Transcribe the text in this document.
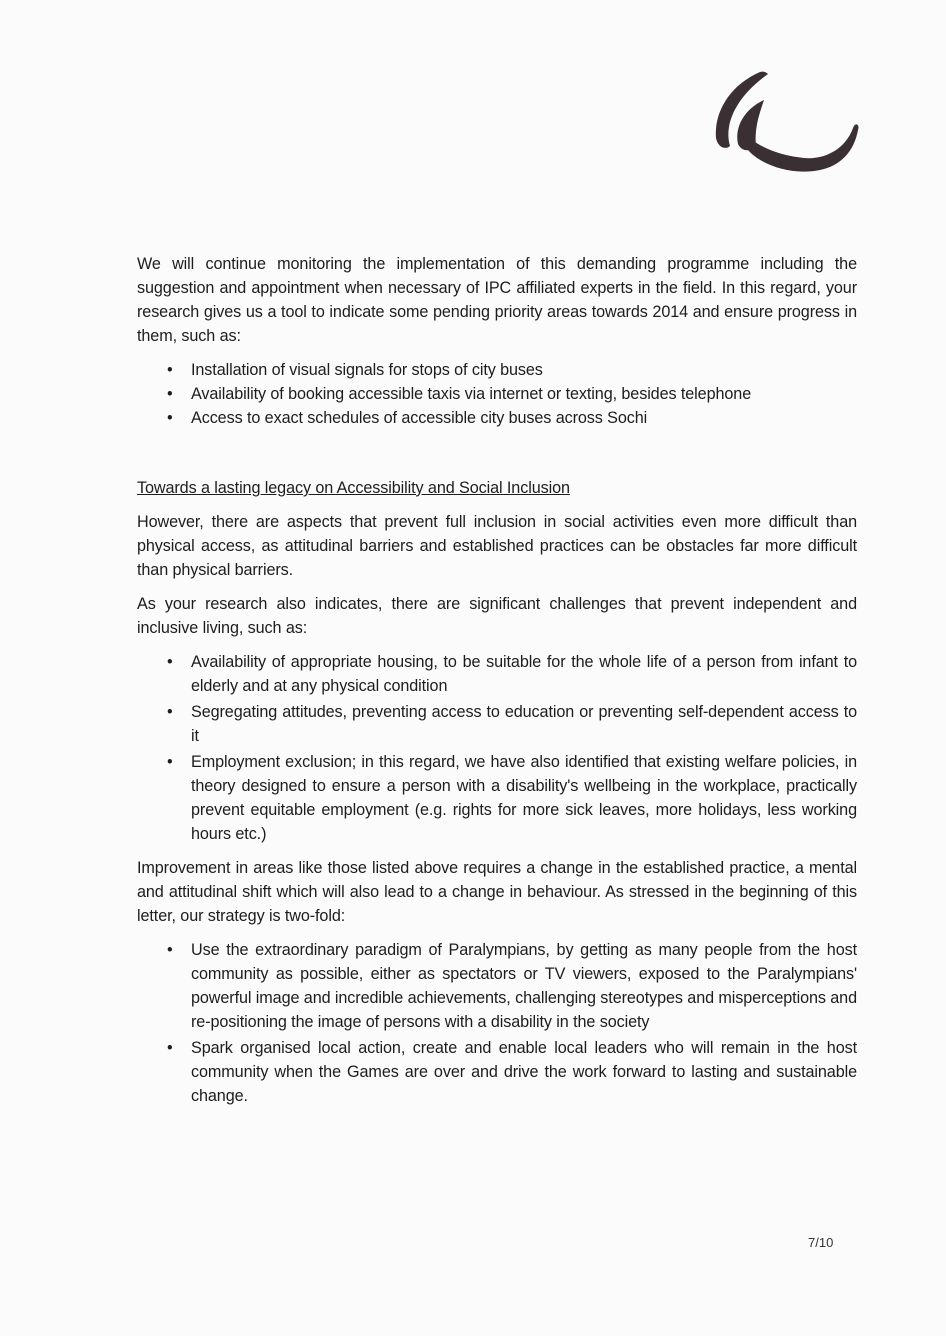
We will continue monitoring the implementation of this demanding programme including the suggestion and appointment when necessary of IPC affiliated experts in the field. In this regard, your research gives us a tool to indicate some pending priority areas towards 2014 and ensure progress in them, such as:

• Installation of visual signals for stops of city buses
• Availability of booking accessible taxis via internet or texting, besides telephone
• Access to exact schedules of accessible city buses across Sochi

Towards a lasting legacy on Accessibility and Social Inclusion

However, there are aspects that prevent full inclusion in social activities even more difficult than physical access, as attitudinal barriers and established practices can be obstacles far more difficult than physical barriers.

As your research also indicates, there are significant challenges that prevent independent and inclusive living, such as:

• Availability of appropriate housing, to be suitable for the whole life of a person from infant to elderly and at any physical condition
• Segregating attitudes, preventing access to education or preventing self-dependent access to it
• Employment exclusion; in this regard, we have also identified that existing welfare policies, in theory designed to ensure a person with a disability's wellbeing in the workplace, practically prevent equitable employment (e.g. rights for more sick leaves, more holidays, less working hours etc.)

Improvement in areas like those listed above requires a change in the established practice, a mental and attitudinal shift which will also lead to a change in behaviour. As stressed in the beginning of this letter, our strategy is two-fold:

• Use the extraordinary paradigm of Paralympians, by getting as many people from the host community as possible, either as spectators or TV viewers, exposed to the Paralympians' powerful image and incredible achievements, challenging stereotypes and misperceptions and re-positioning the image of persons with a disability in the society
• Spark organised local action, create and enable local leaders who will remain in the host community when the Games are over and drive the work forward to lasting and sustainable change.
7/10
